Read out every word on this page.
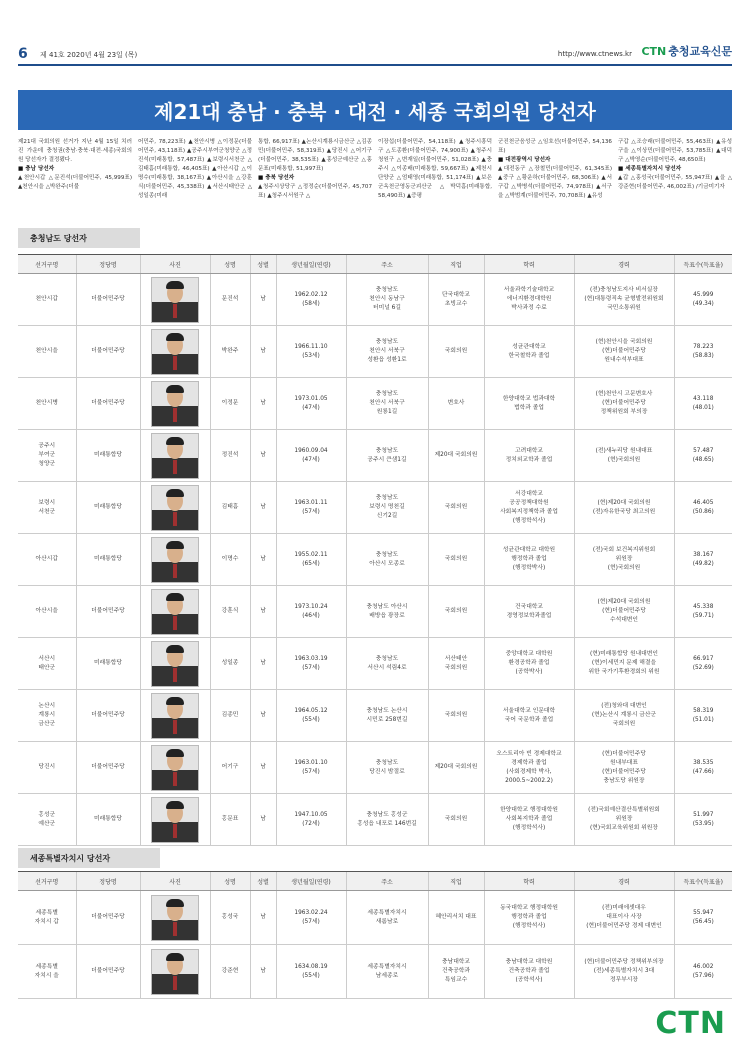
6 제 41호 2020년 4월 23일 (목)	http://www.ctnews.kr CTN 충청교육신문
제21대 충남 · 충북 · 대전 · 세종 국회의원 당선자
제21대 국회의원 선거가 지난 4월 15일 치러진 가운데 충청권(충남·충북·대전·세종)국회의원 당선자가 결정됐다.
■ 충남 당선자
▲천안시갑 △문진석(더불어민주, 45,999표) ▲천안시을 △박완주(더불
어민주, 78,223표) ▲천안시병 △이정문(더불어민주, 43,118표) ▲공주시부여군청양군 △정진석(미래통합, 57,487표) ▲보령시서천군 △김태흠(미래통합, 46,405표) ▲아산시갑 △이명수(미래통합, 38,167표) ▲아산시을 △강훈식(더불어민주, 45,338표) ▲서산시태안군 △성일종(미래
통합, 66,917표) ▲논산시계룡시금산군 △김종민(더불어민주, 58,319표) ▲당진시 △어기구(더불어민주, 38,535표) ▲홍성군예산군 △홍문표(미래통합, 51,997표)
■ 충북 당선자
▲청주시상당구 △정정순(더불어민주, 45,707표) ▲청주시서원구 △
이장섭(더불어민주, 54,118표) ▲청주시흥덕구 △도종환(더불어민주, 74,900표) ▲청주시청원구 △변재일(더불어민주, 51,028표) ▲충주시 △이종배(미래통합, 59,667표) ▲제천시단양군 △엄태영(미래통합, 51,174표) ▲보은군옥천군영동군괴산군 △박덕흠(미래통합, 58,490표) ▲증평
군진천군음성군 △임호선(더불어민주, 54,136표)
■ 대전광역시 당선자
▲대전동구 △장철민(더불어민주, 61,345표) ▲중구 △황운하(더불어민주, 68,306표) ▲서구갑 △박병석(더불어민주, 74,978표) ▲서구을 △박범계(더불어민주, 70,708표) ▲유성
구갑 △조승래(더불어민주, 55,463표) ▲유성구을 △이상민(더불어민주, 53,785표) ▲대덕구 △박영순(더불어민주, 48,650표)
■ 세종특별자치시 당선자
▲갑 △홍성국(더불어민주, 55,947표) ▲을 △강준현(더불어민주, 46,002표) /기금미기자
충청남도 당선자
선거구명	정당명	사진	성명	성별	생년월일(연령)	주소	직업	학력	경력	득표수(득표율)
천안시갑	더불어민주당		문진석	남	1962.02.12
(58세)	충청남도
천안시 동남구
터미널 6길	단국대학교
초빙교수	서울과학기술대학교
에너지환경대학원
박사과정 수료	(전)충청남도지사 비서실장
(현)대통령직속 균형발전위원회
국민소통위원	45.999
(49.34)
천안시을	더불어민주당		박완주	남	1966.11.10
(53세)	충청남도
천안시 서북구
성환읍 성환1로	국회의원	성균관대학교
한국철학과 졸업	(현)천안시을 국회의원
(현)더불어민주당
원내수석부대표	78.223
(58.83)
천안시병	더불어민주당		이정문	남	1973.01.05
(47세)	충청남도
천안시 서북구
원룡1길	변호사	한양대학교 법과대학
법학과 졸업	(현)천안시 고문변호사
(현)더불어민주당
정책위원회 부의장	43.118
(48.01)
공주시
부여군
청양군	미래통합당		정진석	남	1960.09.04
(47세)	충청남도
공주시 큰샘1길	제20대 국회의원	고려대학교
정치외교학과 졸업	(전)새누리당 원내대표
(현)국회의원	57.487
(48.65)
보령시
서천군	미래통합당		김태흠	남	1963.01.11
(57세)	충청남도
보령시 명천길
신기2길	국회의원	서강대학교
공공정책대학원
사회복지정책학과 졸업
(행정학석사)	(현)제20대 국회의원
(전)자유한국당 최고의원	46.405
(50.86)
아산시갑	미래통합당		이명수	남	1955.02.11
(65세)	충청남도
아산시 모종로	국회의원	성균관대학교 대학원
행정학과 졸업
(행정학박사)	(전)국회 보건복지위원회
위원장
(현)국회의원	38.167
(49.82)
아산시을	더불어민주당		강훈식	남	1973.10.24
(46세)	충청남도 아산시
배방읍 광장로	국회의원	건국대학교
경영정보학과졸업	(현)제20대 국회의원
(현)더불어민주당
수석대변인	45.338
(59.71)
서산시
태안군	미래통합당		성일종	남	1963.03.19
(57세)	충청남도
서산시 석림4로	서산태안
국회의원	중앙대학교 대학원
환경공학과 졸업
(공학박사)	(현)미래통합당 원내대변인
(현)이세민지 문제 해결을
위한 국가기후환경회의 위원	66.917
(52.69)
논산시
계룡시
금산군	더불어민주당		김종민	남	1964.05.12
(55세)	충청남도 논산시
시민로 258번길	국회의원	서울대학교 인문대학
국어 국문학과 졸업	(전)청와대 대변인
(현)논산시 계룡시 금산군
국회의원	58.319
(51.01)
당진시	더불어민주당		어기구	남	1963.01.10
(57세)	충청남도
당진시 밤절로	제20대 국회의원	오스트리아 빈 경제대학교
경제학과 졸업
(사회경제학 박사,
2000.5~2002.2)	(현)더불어민주당
원내부대표
(현)더불어민주당
충남도당 위원장	38.535
(47.66)
홍성군
예산군	미래통합당		홍문표	남	1947.10.05
(72세)	충청남도 홍성군
홍성읍 내포로 146번길	국회의원	한양대학교 행정대학원
사회복지학과 졸업
(행정학석사)	(전)국회예산결산특별위원회
위원장
(현)국회교육위원회 위원장	51.997
(53.95)
세종특별자치시 당선자
선거구명	정당명	사진	성명	성별	생년월일(연령)	주소	직업	학력	경력	득표수(득표율)
세종특별
자치시 갑	더불어민주당		홍성국	남	1963.02.24
(57세)	세종특별자치시
새롬남로	혜안리서치 대표	동국대학교 행정대학원
행정학과 졸업
(행정학석사)	(전)미래에셋대우
대표이사 사장
(현)더불어민주당 경제 대변인	55.947
(56.45)
세종특별
자치시 을	더불어민주당		강준현	남	1634.08.19
(55세)	세종특별자치시
남세종로	충남대학교
건축공학과
특임교수	충남대학교 대학원
건축공학과 졸업
(공학석사)	(현)더불어민주당 정책위부의장
(전)세종특별자치시 3대
정무부시장	46.002
(57.96)
CTN
